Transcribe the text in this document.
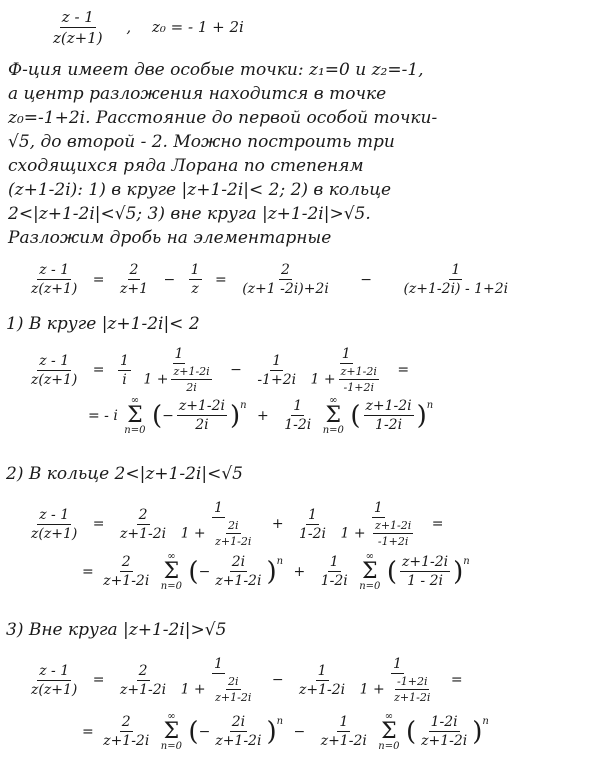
$\frac{z - 1}{z(z+1)}$ , z₀ = - 1 + 2i
Ф-ция имеет две особые точки: z₁=0 и z₂=-1,
а центр разложения находится в точке
z₀=-1+2i. Расстояние до первой особой точки-
√5, до второй - 2. Можно построить три
сходящихся ряда Лорана по степеням
(z+1-2i): 1) в круге |z+1-2i|< 2; 2) в кольце
2<|z+1-2i|<√5; 3) вне круга |z+1-2i|>√5.
Разложим дробь на элементарные
$\frac{z - 1}{z(z+1)} = \frac{2}{z+1} - \frac{1}{z} = \frac{2}{(z+1 -2i)+2i} - \frac{1}{(z+1-2i) - 1+2i}$
1) В круге |z+1-2i|< 2
$\frac{z - 1}{z(z+1)} = \frac{1}{i}$
$\frac{1}{1 + \frac{z+1-2i}{2i}} - \frac{1}{-1+2i}$
$\frac{1}{1 + \frac{z+1-2i}{-1+2i}}$ =
= - i
∞
Σ
n=0 (− $\frac{z+1-2i}{2i} )^n + \frac{1}{1-2i}$
∞
Σ
n=0 ( $\frac{z+1-2i}{1-2i} )^n$
2) В кольце 2<|z+1-2i|<√5
$\frac{z - 1}{z(z+1)} = \frac{2}{z+1-2i}$
$\frac{1}{1 + \frac{2i}{z+1-2i}} + \frac{1}{1-2i}$
$\frac{1}{1 + \frac{z+1-2i}{-1+2i}}$ =
= $\frac{2}{z+1-2i}$
∞
Σ
n=0 (− $\frac{2i}{z+1-2i} )^n + \frac{1}{1-2i}$
∞
Σ
n=0 ( $\frac{z+1-2i}{1 - 2i} )^n$
3) Вне круга |z+1-2i|>√5
$\frac{z - 1}{z(z+1)} = \frac{2}{z+1-2i}$
$\frac{1}{1 + \frac{2i}{z+1-2i}} - \frac{1}{z+1-2i}$
$\frac{1}{1 + \frac{-1+2i}{z+1-2i}}$ =
= $\frac{2}{z+1-2i}$
∞
Σ
n=0 (− $\frac{2i}{z+1-2i} )^n - \frac{1}{z+1-2i}$
∞
Σ
n=0 ( $\frac{1-2i}{z+1-2i} )^n$
